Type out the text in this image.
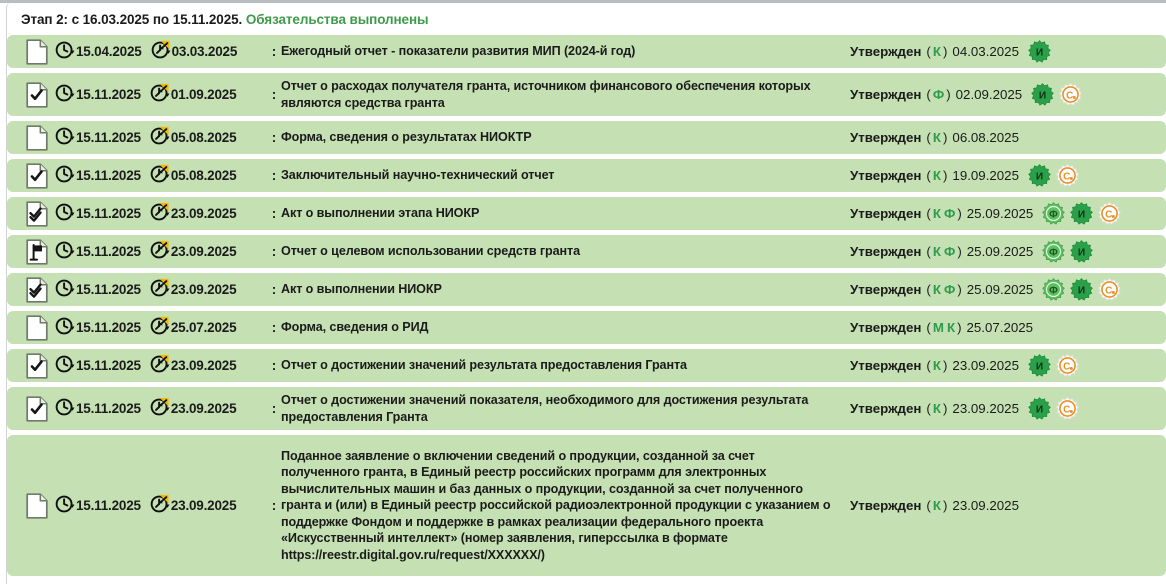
Этап 2: с 16.03.2025 по 15.11.2025. Обязательства выполнены
15.04.2025 03.03.2025	: Ежегодный отчет - показатели развития МИП (2024-й год)	Утвержден ( К ) 04.03.2025 И
15.11.2025 01.09.2025	:
Отчет о расходах получателя гранта, источником финансового обеспечения которых являются средства гранта
Утвержден ( Ф ) 02.09.2025 И С
15.11.2025 05.08.2025	: Форма, сведения о результатах НИОКТР	Утвержден ( К ) 06.08.2025
15.11.2025 05.08.2025	: Заключительный научно-технический отчет	Утвержден ( К ) 19.09.2025 И С
15.11.2025 23.09.2025	: Акт о выполнении этапа НИОКР	Утвержден ( К Ф ) 25.09.2025 Ф И С
15.11.2025 23.09.2025	: Отчет о целевом использовании средств гранта	Утвержден ( К Ф ) 25.09.2025 Ф И
15.11.2025 23.09.2025	: Акт о выполнении НИОКР	Утвержден ( К Ф ) 25.09.2025 Ф И С
15.11.2025 25.07.2025	: Форма, сведения о РИД	Утвержден ( М К ) 25.07.2025
15.11.2025 23.09.2025	: Отчет о достижении значений результата предоставления Гранта	Утвержден ( К ) 23.09.2025 И С
15.11.2025 23.09.2025	:
Отчет о достижении значений показателя, необходимого для достижения результата предоставления Гранта
Утвержден ( К ) 23.09.2025 И С
15.11.2025 23.09.2025	:
Поданное заявление о включении сведений о продукции, созданной за счет полученного гранта, в Единый реестр российских программ для электронных вычислительных машин и баз данных о продукции, созданной за счет полученного гранта и (или) в Единый реестр российской радиоэлектронной продукции с указанием о поддержке Фондом и поддержке в рамках реализации федерального проекта «Искусственный интеллект» (номер заявления, гиперссылка в формате https://reestr.digital.gov.ru/request/XXXXXX/)
Утвержден ( К ) 23.09.2025
